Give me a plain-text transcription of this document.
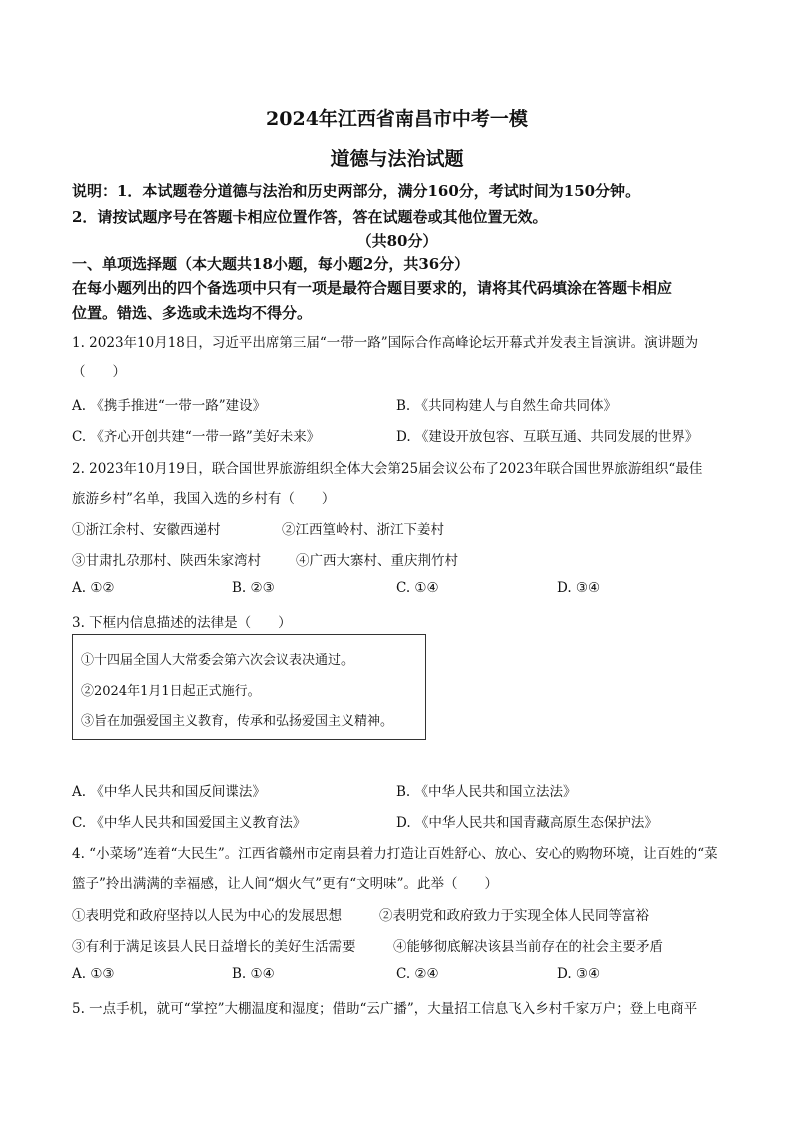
2024年江西省南昌市中考一模
道德与法治试题
说明：1．本试题卷分道德与法治和历史两部分，满分160分，考试时间为150分钟。
2．请按试题序号在答题卡相应位置作答，答在试题卷或其他位置无效。
（共80分）
一、单项选择题（本大题共18小题，每小题2分，共36分）
在每小题列出的四个备选项中只有一项是最符合题目要求的，请将其代码填涂在答题卡相应
位置。错选、多选或未选均不得分。
1. 2023年10月18日，习近平出席第三届“一带一路”国际合作高峰论坛开幕式并发表主旨演讲。演讲题为
（　　）
A. 《携手推进“一带一路”建设》	B. 《共同构建人与自然生命共同体》
C. 《齐心开创共建“一带一路”美好未来》	D. 《建设开放包容、互联互通、共同发展的世界》
2. 2023年10月19日，联合国世界旅游组织全体大会第25届会议公布了2023年联合国世界旅游组织“最佳
旅游乡村”名单，我国入选的乡村有（　　）
①浙江余村、安徽西递村	②江西篁岭村、浙江下姜村
③甘肃扎尕那村、陕西朱家湾村	④广西大寨村、重庆荆竹村
A. ①②	B. ②③	C. ①④	D. ③④
3. 下框内信息描述的法律是（　　）
①十四届全国人大常委会第六次会议表决通过。
②2024年1月1日起正式施行。
③旨在加强爱国主义教育，传承和弘扬爱国主义精神。
A. 《中华人民共和国反间谍法》	B. 《中华人民共和国立法法》
C. 《中华人民共和国爱国主义教育法》	D. 《中华人民共和国青藏高原生态保护法》
4. “小菜场”连着“大民生”。江西省赣州市定南县着力打造让百姓舒心、放心、安心的购物环境，让百姓的“菜
篮子”拎出满满的幸福感，让人间“烟火气”更有“文明味”。此举（　　）
①表明党和政府坚持以人民为中心的发展思想	②表明党和政府致力于实现全体人民同等富裕
③有利于满足该县人民日益增长的美好生活需要	④能够彻底解决该县当前存在的社会主要矛盾
A. ①③	B. ①④	C. ②④	D. ③④
5. 一点手机，就可“掌控”大棚温度和湿度；借助“云广播”，大量招工信息飞入乡村千家万户；登上电商平
